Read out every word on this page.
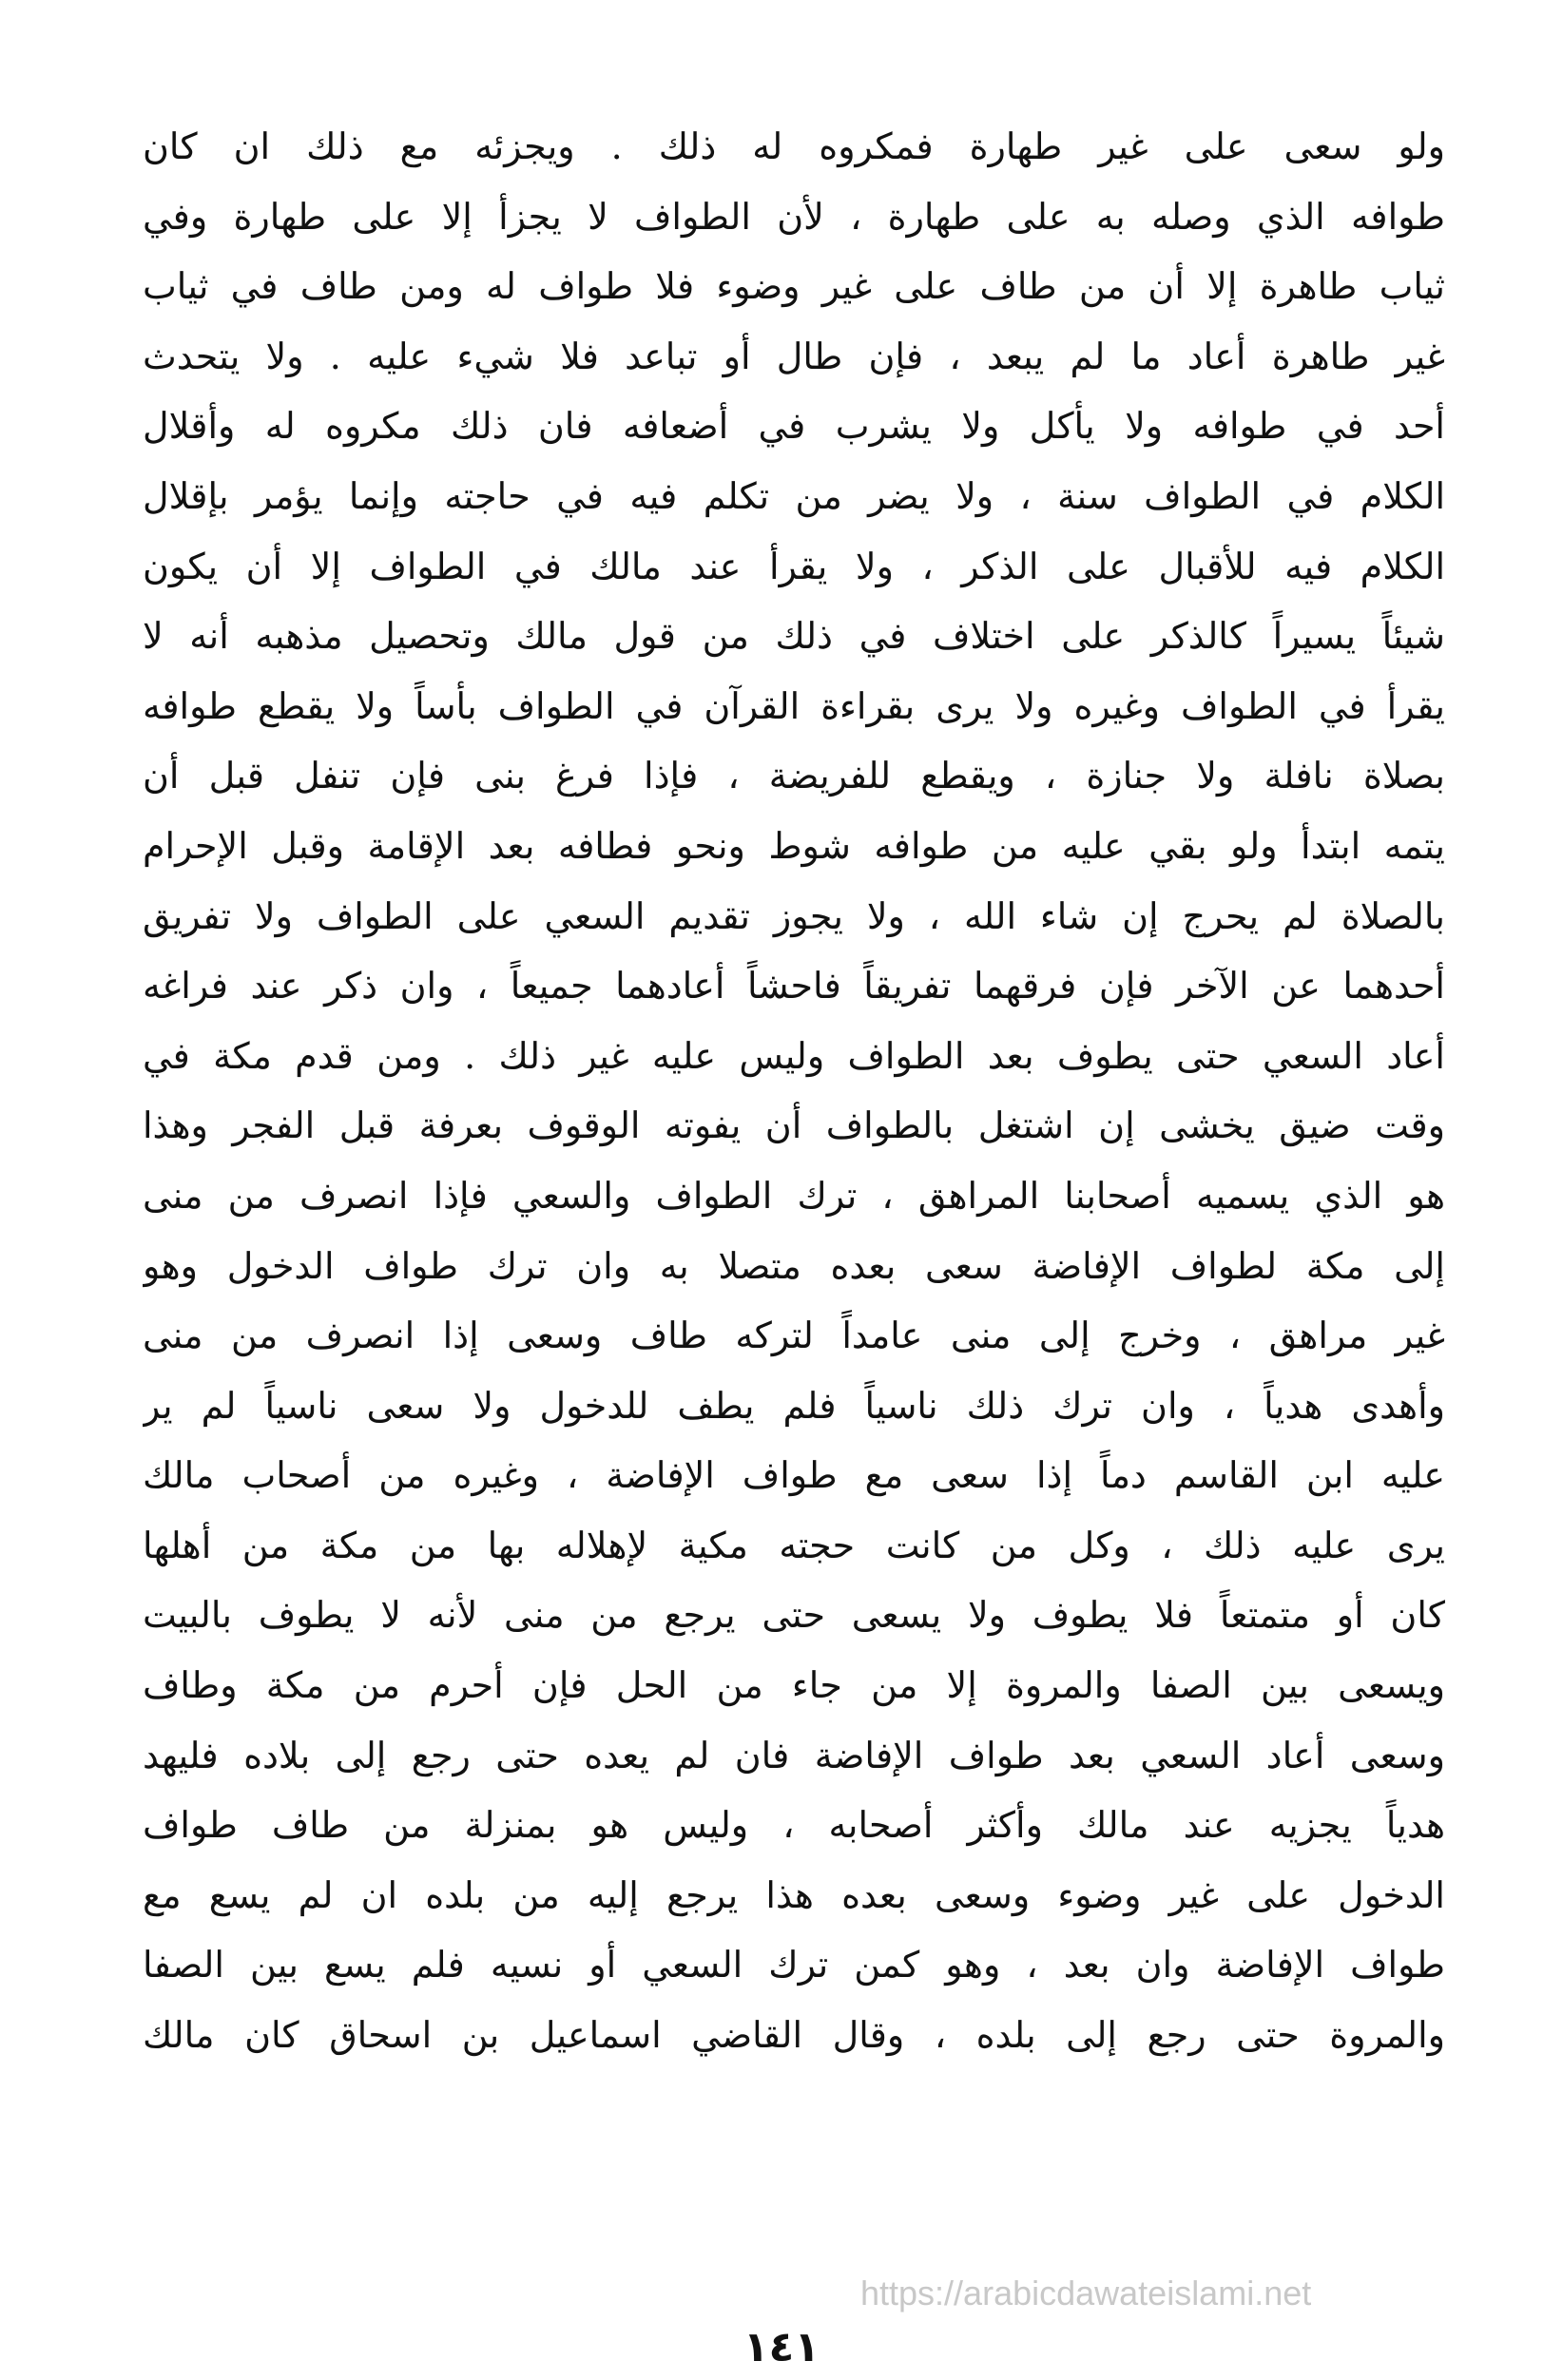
ولو سعى على غير طهارة فمكروه له ذلك . ويجزئه مع ذلك ان كان
طوافه الذي وصله به على طهارة ، لأن الطواف لا يجزأ إلا على طهارة وفي
ثياب طاهرة إلا أن من طاف على غير وضوء فلا طواف له ومن طاف في ثياب
غير طاهرة أعاد ما لم يبعد ، فإن طال أو تباعد فلا شيء عليه . ولا يتحدث
أحد في طوافه ولا يأكل ولا يشرب في أضعافه فان ذلك مكروه له وأقلال
الكلام في الطواف سنة ، ولا يضر من تكلم فيه في حاجته وإنما يؤمر بإقلال
الكلام فيه للأقبال على الذكر ، ولا يقرأ عند مالك في الطواف إلا أن يكون
شيئاً يسيراً كالذكر على اختلاف في ذلك من قول مالك وتحصيل مذهبه أنه لا
يقرأ في الطواف وغيره ولا يرى بقراءة القرآن في الطواف بأساً ولا يقطع طوافه
بصلاة نافلة ولا جنازة ، ويقطع للفريضة ، فإذا فرغ بنى فإن تنفل قبل أن
يتمه ابتدأ ولو بقي عليه من طوافه شوط ونحو فطافه بعد الإقامة وقبل الإحرام
بالصلاة لم يحرج إن شاء الله ، ولا يجوز تقديم السعي على الطواف ولا تفريق
أحدهما عن الآخر فإن فرقهما تفريقاً فاحشاً أعادهما جميعاً ، وان ذكر عند فراغه
أعاد السعي حتى يطوف بعد الطواف وليس عليه غير ذلك . ومن قدم مكة في
وقت ضيق يخشى إن اشتغل بالطواف أن يفوته الوقوف بعرفة قبل الفجر وهذا
هو الذي يسميه أصحابنا المراهق ، ترك الطواف والسعي فإذا انصرف من منى
إلى مكة لطواف الإفاضة سعى بعده متصلا به وان ترك طواف الدخول وهو
غير مراهق ، وخرج إلى منى عامداً لتركه طاف وسعى إذا انصرف من منى
وأهدى هدياً ، وان ترك ذلك ناسياً فلم يطف للدخول ولا سعى ناسياً لم ير
عليه ابن القاسم دماً إذا سعى مع طواف الإفاضة ، وغيره من أصحاب مالك
يرى عليه ذلك ، وكل من كانت حجته مكية لإهلاله بها من مكة من أهلها
كان أو متمتعاً فلا يطوف ولا يسعى حتى يرجع من منى لأنه لا يطوف بالبيت
ويسعى بين الصفا والمروة إلا من جاء من الحل فإن أحرم من مكة وطاف
وسعى أعاد السعي بعد طواف الإفاضة فان لم يعده حتى رجع إلى بلاده فليهد
هدياً يجزيه عند مالك وأكثر أصحابه ، وليس هو بمنزلة من طاف طواف
الدخول على غير وضوء وسعى بعده هذا يرجع إليه من بلده ان لم يسع مع
طواف الإفاضة وان بعد ، وهو كمن ترك السعي أو نسيه فلم يسع بين الصفا
والمروة حتى رجع إلى بلده ، وقال القاضي اسماعيل بن اسحاق كان مالك
https://arabicdawateislami.net
١٤١
